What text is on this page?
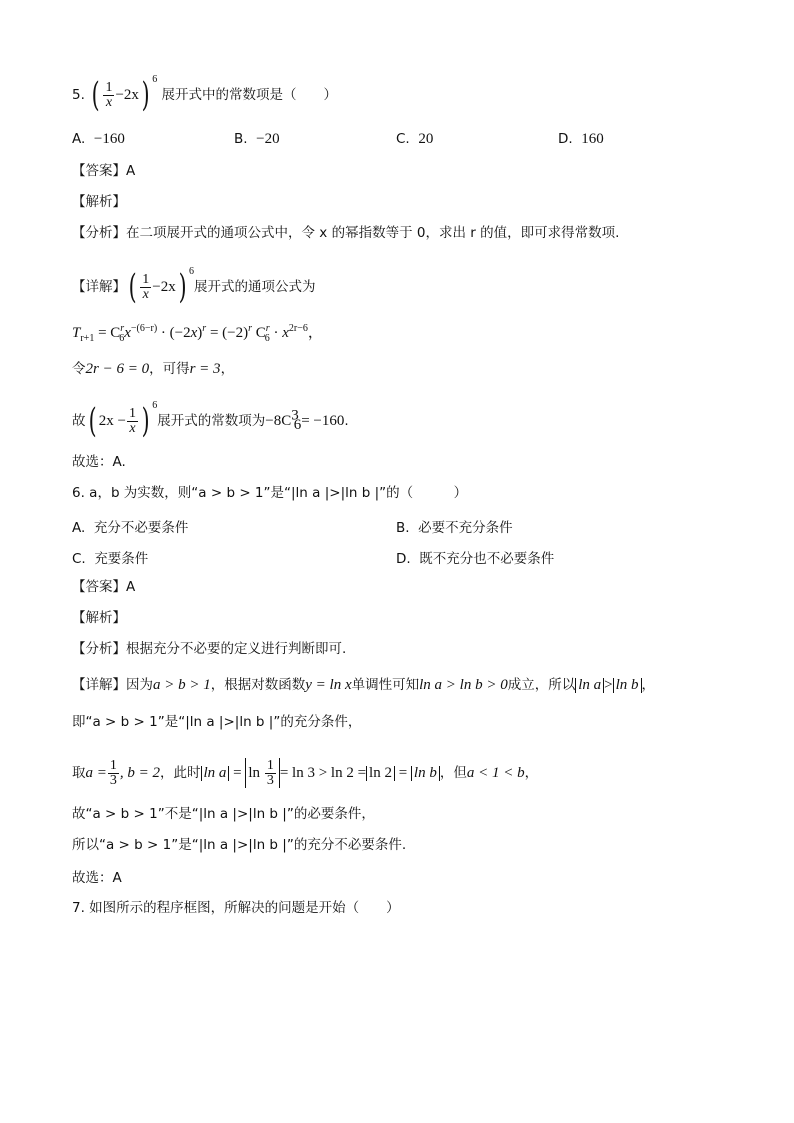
5. ( $\frac{1}{x} -2x$) $^6$ 展开式中的常数项是（　　）
A. −160	B. −20	C. 20	D. 160
【答案】A
【解析】
【分析】在二项展开式的通项公式中，令 x 的幂指数等于 0，求出 r 的值，即可求得常数项.
【详解】( $\frac{1}{x} -2x$) $^6$展开式的通项公式为
$T_{r+1} = C^r_6x^{-(6-r)} \cdot (-2x)^r = (-2)^r$ $C^r_6 \cdot x^{2r-6}$，
令2r − 6 = 0，可得r = 3，
故( $2x - \frac{1}{x}$ ) $^6$展开式的常数项为$-8C^3_6= -160$.
故选：A.
6. a，b 为实数，则“a > b > 1”是“|ln a |>|ln b |”的（　　　）
A. 充分不必要条件	B. 必要不充分条件
C. 充要条件	D. 既不充分也不必要条件
【答案】A
【解析】
【分析】根据充分不必要的定义进行判断即可.
【详解】因为a > b > 1，根据对数函数y = ln x单调性可知ln a > ln b > 0成立，所以 ln a > ln b ，
即“a > b > 1”是“|ln a |>|ln b |”的充分条件，
取$a = \frac{1}{3}$ , b = 2，此时 $\ln a = \ln \frac{1}{3} = \ln 3 > \ln 2 = \ln 2 = \ln b$ ，但a < 1 < b，
故“a > b > 1”不是“|ln a |>|ln b |”的必要条件，
所以“a > b > 1”是“|ln a |>|ln b |”的充分不必要条件.
故选：A
7. 如图所示的程序框图，所解决的问题是开始（　　）
